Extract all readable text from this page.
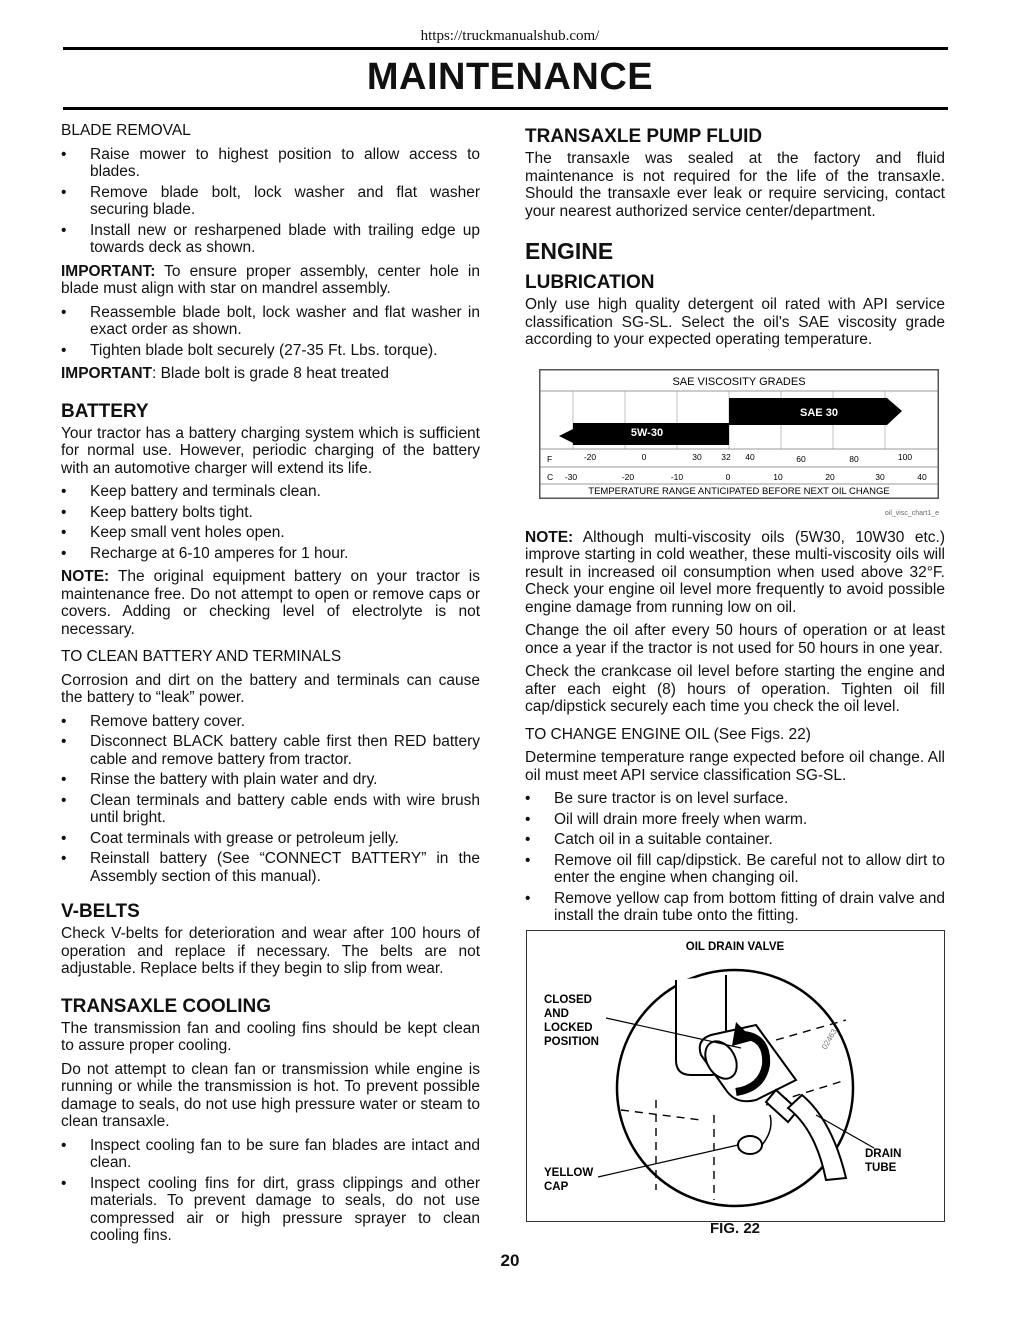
https://truckmanualshub.com/
MAINTENANCE

BLADE REMOVAL

• Raise mower to highest position to allow access to blades.
• Remove blade bolt, lock washer and flat washer securing blade.
• Install new or resharpened blade with trailing edge up towards deck as shown.

IMPORTANT: To ensure proper assembly, center hole in blade must align with star on mandrel assembly.

• Reassemble blade bolt, lock washer and flat washer in exact order as shown.
• Tighten blade bolt securely (27-35 Ft. Lbs. torque).

IMPORTANT: Blade bolt is grade 8 heat treated

BATTERY

Your tractor has a battery charging system which is sufficient for normal use. However, periodic charging of the battery with an automotive charger will extend its life.

• Keep battery and terminals clean.
• Keep battery bolts tight.
• Keep small vent holes open.
• Recharge at 6-10 amperes for 1 hour.

NOTE: The original equipment battery on your tractor is maintenance free. Do not attempt to open or remove caps or covers. Adding or checking level of electrolyte is not necessary.

TO CLEAN BATTERY AND TERMINALS

Corrosion and dirt on the battery and terminals can cause the battery to “leak” power.

• Remove battery cover.
• Disconnect BLACK battery cable first then RED battery cable and remove battery from tractor.
• Rinse the battery with plain water and dry.
• Clean terminals and battery cable ends with wire brush until bright.
• Coat terminals with grease or petroleum jelly.
• Reinstall battery (See “CONNECT BATTERY” in the Assembly section of this manual).
V-BELTS

Check V-belts for deterioration and wear after 100 hours of operation and replace if necessary. The belts are not adjustable. Replace belts if they begin to slip from wear.

TRANSAXLE COOLING

The transmission fan and cooling fins should be kept clean to assure proper cooling.

Do not attempt to clean fan or transmission while engine is running or while the transmission is hot. To prevent possible damage to seals, do not use high pressure water or steam to clean transaxle.

• Inspect cooling fan to be sure fan blades are intact and clean.
• Inspect cooling fins for dirt, grass clippings and other materials. To prevent damage to seals, do not use compressed air or high pressure sprayer to clean cooling fins.
TRANSAXLE PUMP FLUID

The transaxle was sealed at the factory and fluid maintenance is not required for the life of the transaxle. Should the transaxle ever leak or require servicing, contact your nearest authorized service center/department.

ENGINE
LUBRICATION

Only use high quality detergent oil rated with API service classification SG-SL. Select the oil's SAE viscosity grade according to your expected operating temperature.

SAE VISCOSITY GRADES
SAE 30
5W-30
F	-20	0	30 32 40	60	80	100
C -30	-20	-10	0	10	20	30	40
TEMPERATURE RANGE ANTICIPATED BEFORE NEXT OIL CHANGE
oil_visc_chart1_e

NOTE: Although multi-viscosity oils (5W30, 10W30 etc.) improve starting in cold weather, these multi-viscosity oils will result in increased oil consumption when used above 32°F. Check your engine oil level more frequently to avoid possible engine damage from running low on oil.

Change the oil after every 50 hours of operation or at least once a year if the tractor is not used for 50 hours in one year.

Check the crankcase oil level before starting the engine and after each eight (8) hours of operation. Tighten oil fill cap/dipstick securely each time you check the oil level.

TO CHANGE ENGINE OIL (See Figs. 22)

Determine temperature range expected before oil change. All oil must meet API service classification SG-SL.

• Be sure tractor is on level surface.
• Oil will drain more freely when warm.
• Catch oil in a suitable container.
• Remove oil fill cap/dipstick. Be careful not to allow dirt to enter the engine when changing oil.
• Remove yellow cap from bottom fitting of drain valve and install the drain tube onto the fitting.
OIL DRAIN VALVE
CLOSED
AND
LOCKED
POSITION
YELLOW
CAP
DRAIN
TUBE
02463
FIG. 22
20
